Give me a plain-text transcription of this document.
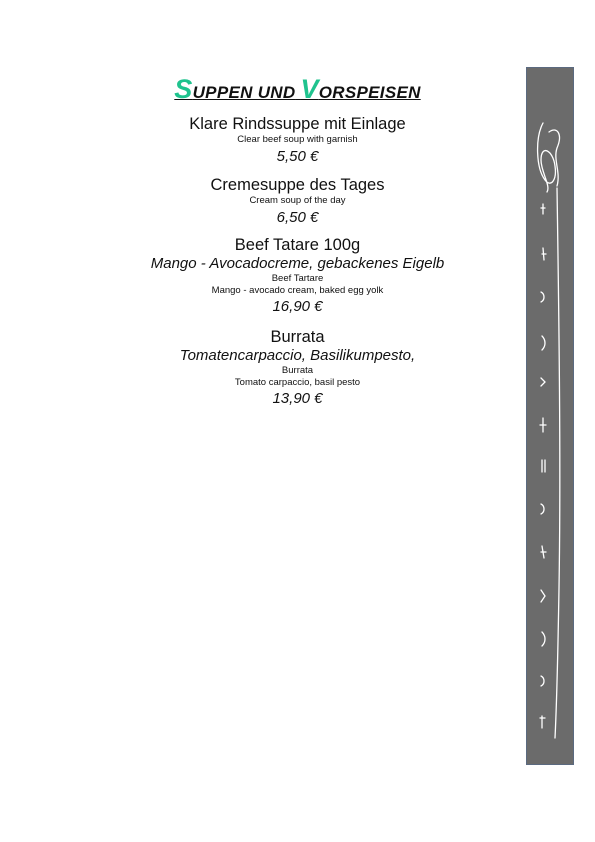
SUPPEN UND VORSPEISEN
Klare Rindssuppe mit Einlage
Clear beef soup with garnish
5,50 €
Cremesuppe des Tages
Cream soup of the day
6,50 €
Beef Tatare 100g
Mango - Avocadocreme, gebackenes Eigelb
Beef Tartare
Mango - avocado cream, baked egg yolk
16,90 €
Burrata
Tomatencarpaccio, Basilikumpesto,
Burrata
Tomato carpaccio, basil pesto
13,90 €
